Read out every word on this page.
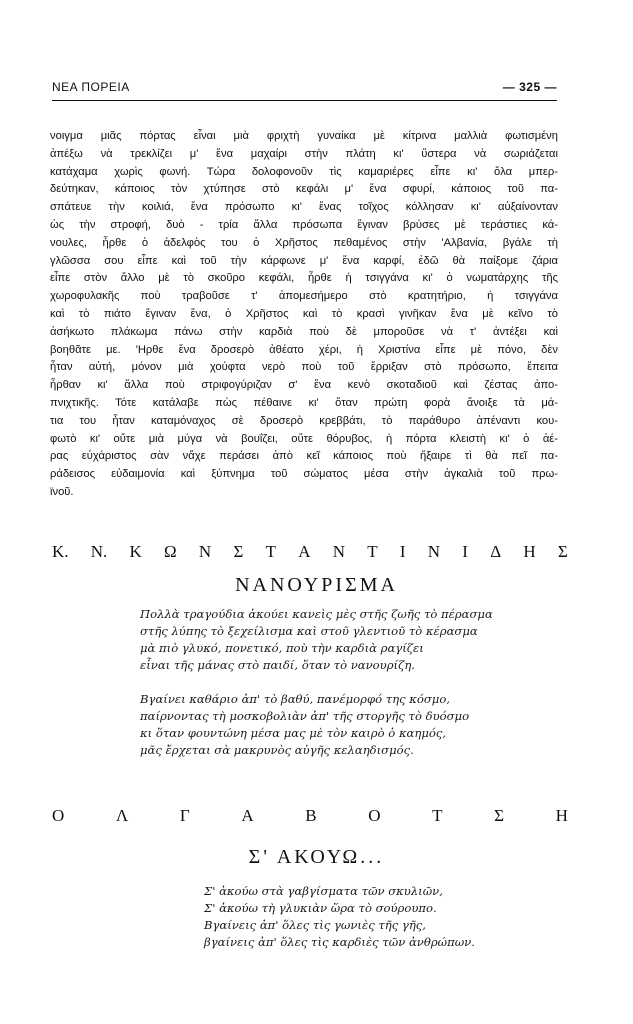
ΝΕΑ ΠΟΡΕΙΑ	— 325 —
νοιγμα μιᾶς πόρτας εἶναι μιὰ φριχτὴ γυναίκα μὲ κίτρινα μαλλιὰ φωτισμένη
ἀπέξω νὰ τρεκλίζει μ' ἕνα μαχαίρι στὴν πλάτη κι' ὕστερα νὰ σωριάζεται
κατάχαμα χωρὶς φωνή. Τώρα δολοφονοῦν τὶς καμαριέρες εἶπε κι' ὅλα μπερ-
δεύτηκαν, κάποιος τὸν χτύπησε στὸ κεφάλι μ' ἕνα σφυρί, κάποιος τοῦ πα-
σπάτευε τὴν κοιλιά, ἕνα πρόσωπο κι' ἕνας τοῖχος κόλλησαν κι' αὐξαίνονταν
ὡς τὴν στροφή, δυὸ - τρία ἄλλα πρόσωπα ἔγιναν βρύσες μὲ τεράστιες κά-
νουλες, ἦρθε ὁ ἀδελφὸς του ὁ Χρῆστος πεθαμένος στὴν 'Αλβανία, βγάλε τὴ
γλῶσσα σου εἶπε καὶ τοῦ τὴν κάρφωνε μ' ἕνα καρφί, ἐδῶ θὰ παίξομε ζάρια
εἶπε στὸν ἄλλο μὲ τὸ σκοῦρο κεφάλι, ἦρθε ἡ τσιγγάνα κι' ὁ νωματάρχης τῆς
χωροφυλακῆς ποὺ τραβοῦσε τ' ἀπομεσήμερο στὸ κρατητήριο, ἡ τσιγγάνα
καὶ τὸ πιάτο ἔγιναν ἕνα, ὁ Χρῆστος καὶ τὸ κρασὶ γινῆκαν ἕνα μὲ κεῖνο τὸ
ἀσήκωτο πλάκωμα πάνω στὴν καρδιὰ ποὺ δὲ μποροῦσε νὰ τ' ἀντέξει καὶ
βοηθᾶτε με. 'Ηρθε ἕνα δροσερὸ ἀθέατο χέρι, ἡ Χριστίνα εἶπε μὲ πόνο, δὲν
ἦταν αὐτή, μόνον μιὰ χούφτα νερὸ ποὺ τοῦ ἔρριξαν στὸ πρόσωπο, ἔπειτα
ἦρθαν κι' ἄλλα ποὺ στριφογύριζαν σ' ἕνα κενὸ σκοταδιοῦ καὶ ζέστας ἀπο-
πνιχτικῆς. Τότε κατάλαβε πὼς πέθαινε κι' ὅταν πρώτη φορὰ ἄνοιξε τὰ μά-
τια του ἦταν καταμόναχος σὲ δροσερὸ κρεββάτι, τὸ παράθυρο ἀπέναντι κου-
φωτὸ κι' οὔτε μιὰ μύγα νὰ βουΐζει, οὔτε θόρυβος, ἡ πόρτα κλειστὴ κι' ὁ ἀέ-
ρας εὐχάριστος σὰν νἄχε περάσει ἀπὸ κεῖ κάποιος ποὺ ἤξαιρε τὶ θὰ πεῖ πα-
ράδεισος εὐδαιμονία καὶ ξύπνημα τοῦ σώματος μέσα στὴν ἀγκαλιὰ τοῦ πρω-
ϊνοῦ.
Κ. Ν. Κ Ω Ν Σ Τ Α Ν Τ Ι Ν Ι Δ Η Σ
ΝΑΝΟΥΡΙΣΜΑ
Πολλὰ τραγούδια ἀκούει κανεὶς μὲς στῆς ζωῆς τὸ πέρασμα
στῆς λύπης τὸ ξεχείλισμα καὶ στοῦ γλεντιοῦ τὸ κέρασμα
μὰ πιὸ γλυκό, πονετικό, ποὺ τὴν καρδιὰ ραγίζει
εἶναι τῆς μάνας στὸ παιδί, ὅταν τὸ νανουρίζη.
Βγαίνει καθάριο ἀπ' τὸ βαθύ, πανέμορφό της κόσμο,
παίρνοντας τὴ μοσκοβολιὰν ἀπ' τῆς στοργῆς τὸ δυόσμο
κι ὅταν φουντώνη μέσα μας μὲ τὸν καιρὸ ὁ καημός,
μᾶς ἔρχεται σὰ μακρυνὸς αὐγῆς κελαηδισμός.
Ο	Λ	Γ	Α	Β	Ο	Τ	Σ	Η
Σ' ΑΚΟΥΩ...
Σ' ἀκούω στὰ γαβγίσματα τῶν σκυλιῶν,
Σ' ἀκούω τὴ γλυκιὰν ὥρα τὸ σούρουπο.
Βγαίνεις ἀπ' ὅλες τὶς γωνιὲς τῆς γῆς,
βγαίνεις ἀπ' ὅλες τὶς καρδιὲς τῶν ἀνθρώπων.
